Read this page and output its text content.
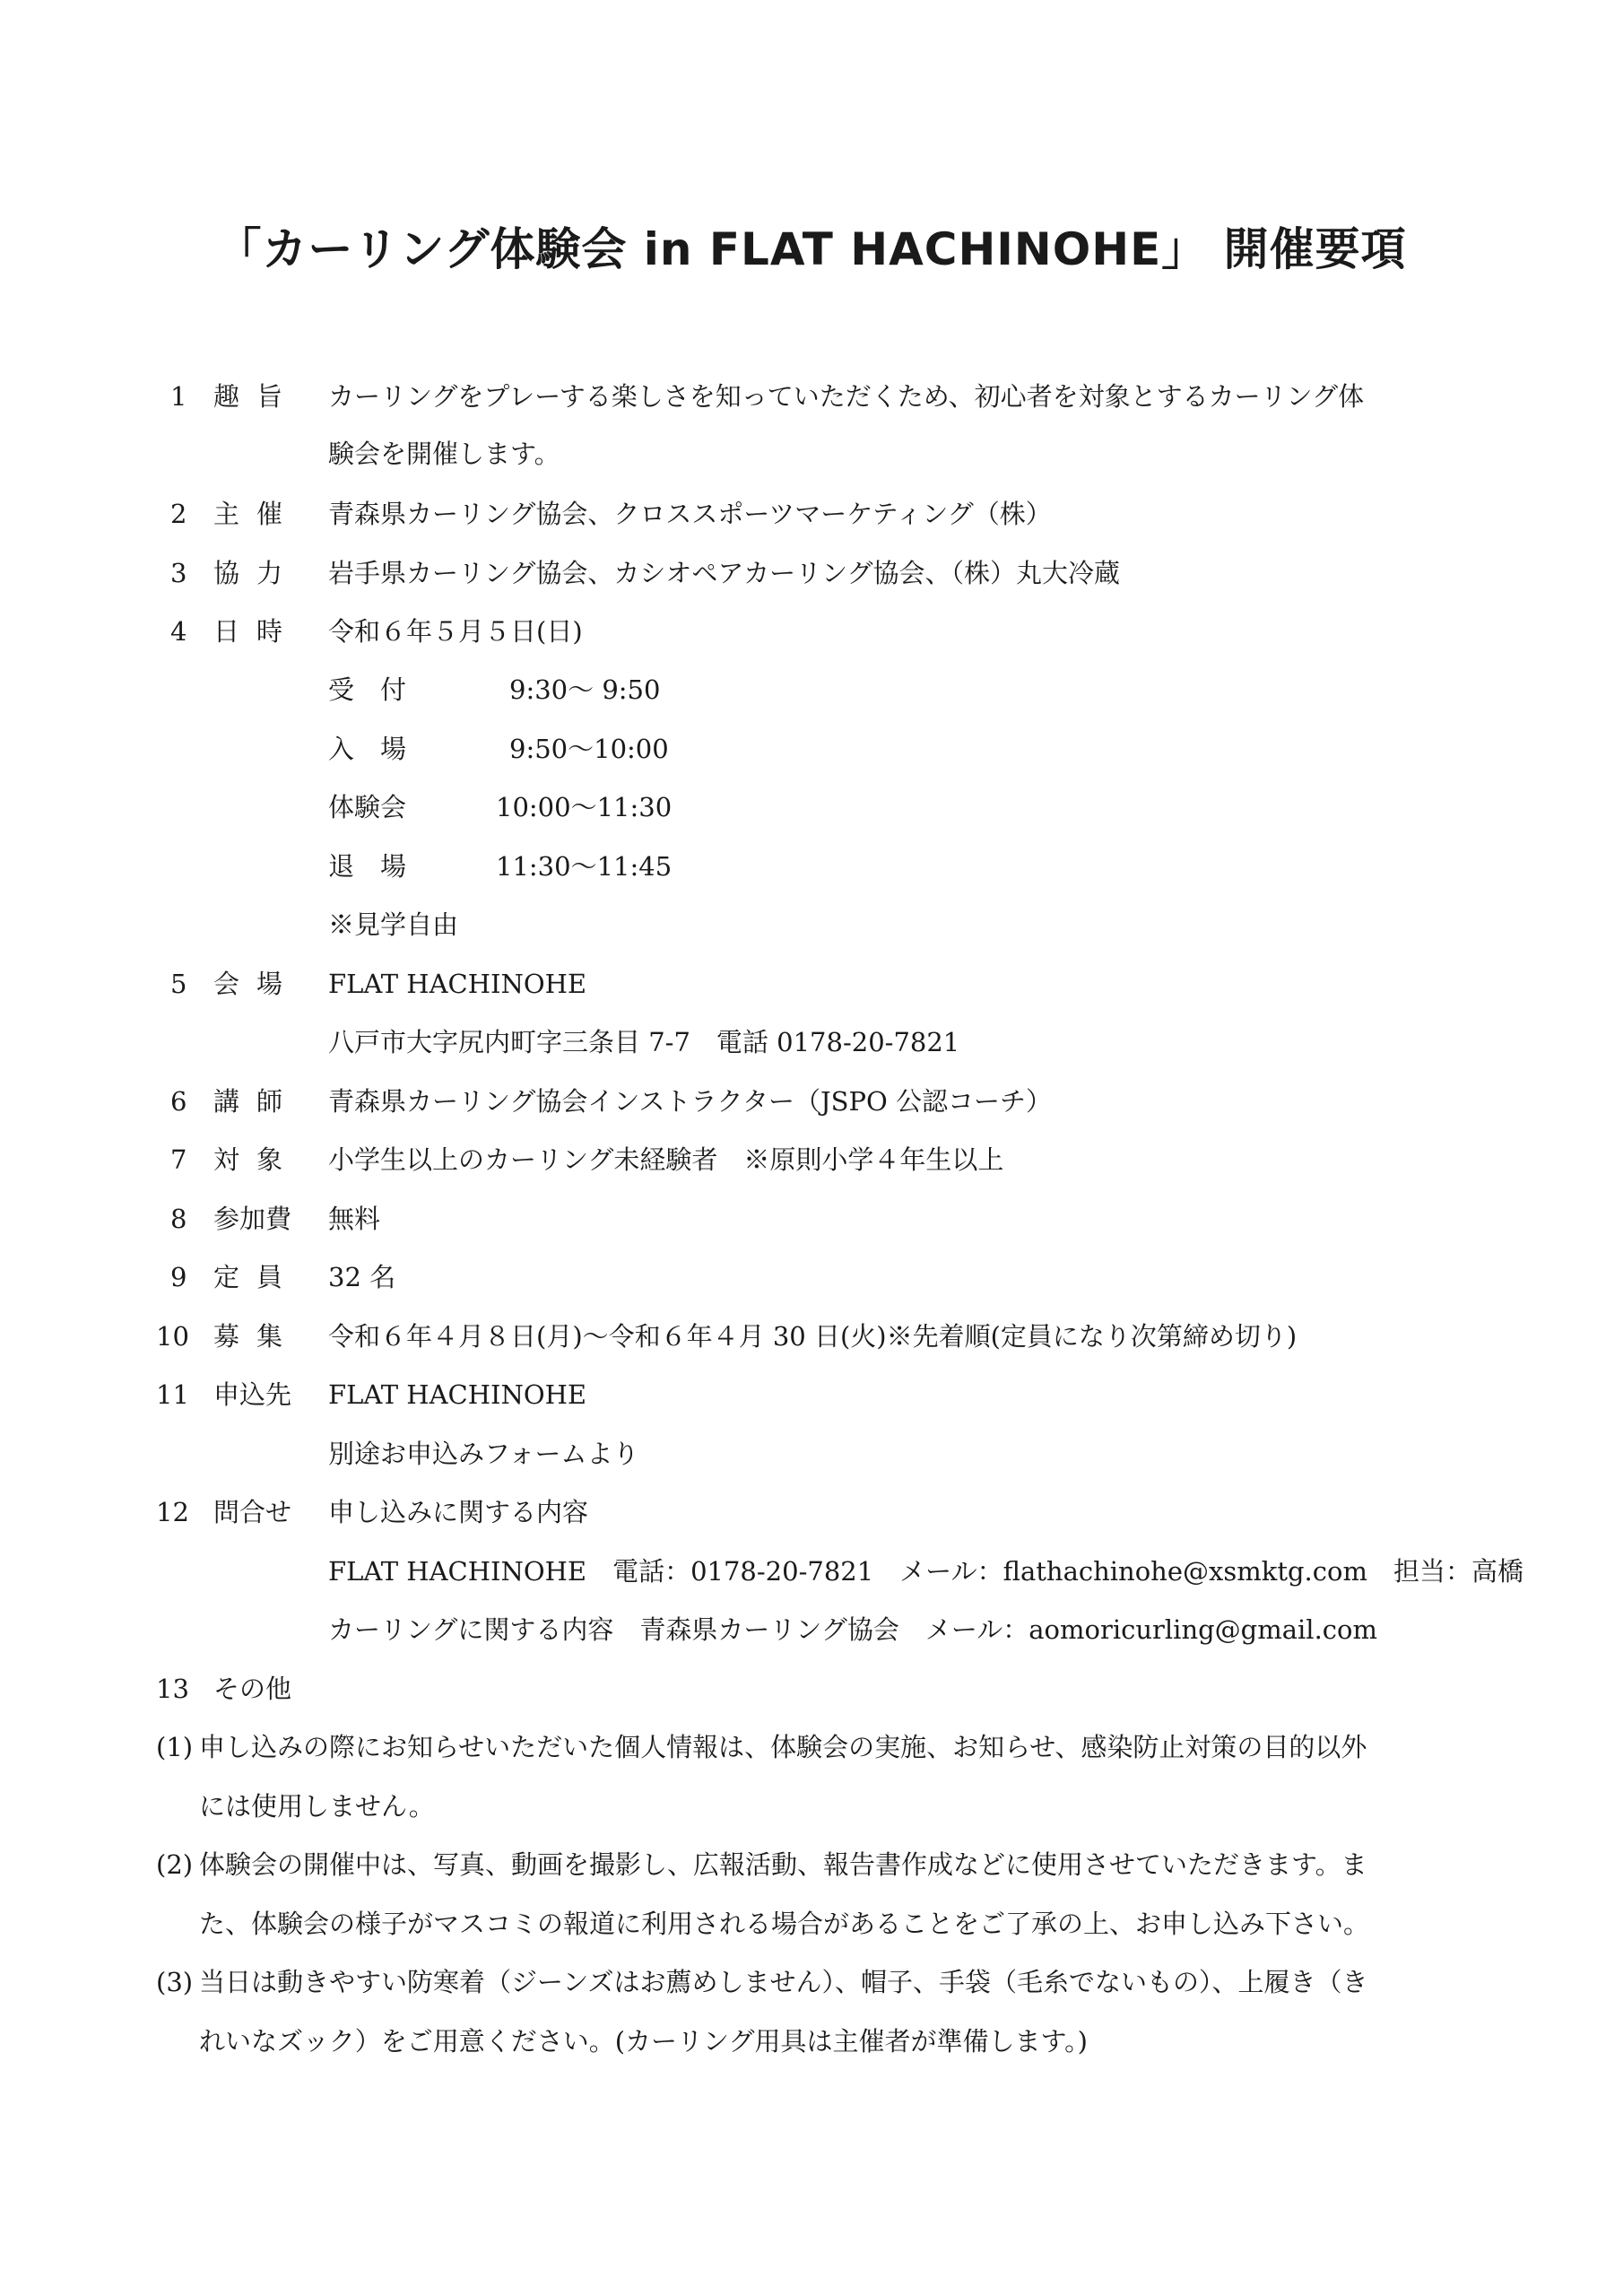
「カーリング体験会 in FLAT HACHINOHE」 開催要項
1 趣旨 カーリングをプレーする楽しさを知っていただくため、初心者を対象とするカーリング体
験会を開催します。
2 主催 青森県カーリング協会、クロススポーツマーケティング（株）
3 協力 岩手県カーリング協会、カシオペアカーリング協会、（株）丸大冷蔵
4 日時 令和６年５月５日(日)
受　付	9:30～ 9:50
入　場	9:50～10:00
体験会	10:00～11:30
退　場	11:30～11:45
※見学自由
5 会場 FLAT HACHINOHE
八戸市大字尻内町字三条目 7-7　電話 0178-20-7821
6 講師 青森県カーリング協会インストラクター（JSPO 公認コーチ）
7 対象 小学生以上のカーリング未経験者　※原則小学４年生以上
8 参加費 無料
9 定員 32 名
10 募集 令和６年４月８日(月)～令和６年４月 30 日(火)※先着順(定員になり次第締め切り)
11 申込先 FLAT HACHINOHE
別途お申込みフォームより
12 問合せ 申し込みに関する内容
FLAT HACHINOHE　電話：0178-20-7821　メール：flathachinohe@xsmktg.com　担当：高橋
カーリングに関する内容　青森県カーリング協会　メール：aomoricurling@gmail.com
13 その他
(1) 申し込みの際にお知らせいただいた個人情報は、体験会の実施、お知らせ、感染防止対策の目的以外
には使用しません。
(2) 体験会の開催中は、写真、動画を撮影し、広報活動、報告書作成などに使用させていただきます。ま
た、体験会の様子がマスコミの報道に利用される場合があることをご了承の上、お申し込み下さい。
(3) 当日は動きやすい防寒着（ジーンズはお薦めしません）、帽子、手袋（毛糸でないもの）、上履き（き
れいなズック）をご用意ください。(カーリング用具は主催者が準備します。)
